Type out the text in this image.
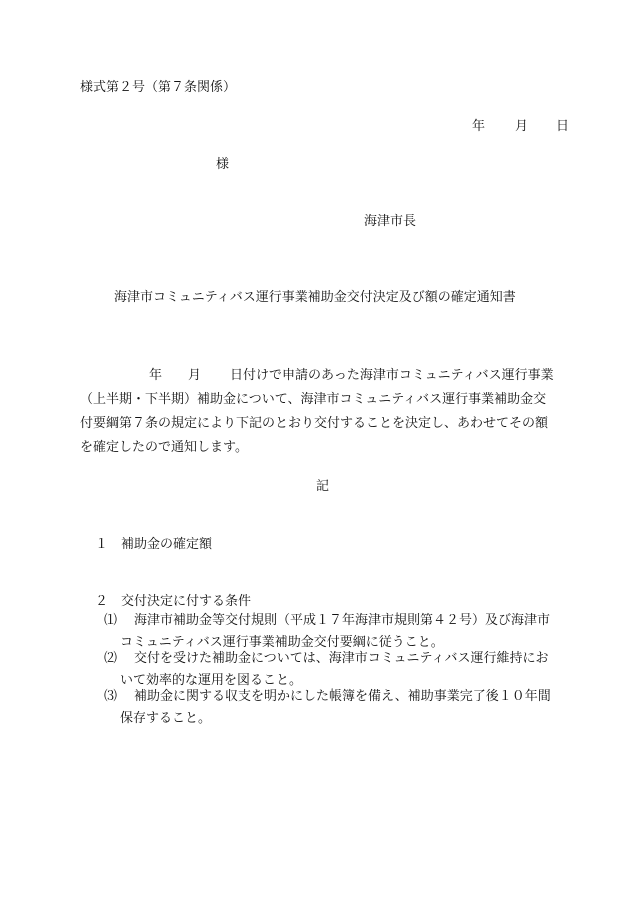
様式第２号（第７条関係）

年 月 日

様

海津市長

海津市コミュニティバス運行事業補助金交付決定及び額の確定通知書

年 月 日付けで申請のあった海津市コミュニティバス運行事業
（上半期・下半期）補助金について、海津市コミュニティバス運行事業補助金交
付要綱第７条の規定により下記のとおり交付することを決定し、あわせてその額
を確定したので通知します。

記

１ 補助金の確定額

２ 交付決定に付する条件

⑴ 海津市補助金等交付規則（平成１７年海津市規則第４２号）及び海津市
コミュニティバス運行事業補助金交付要綱に従うこと。
⑵ 交付を受けた補助金については、海津市コミュニティバス運行維持にお
いて効率的な運用を図ること。
⑶ 補助金に関する収支を明かにした帳簿を備え、補助事業完了後１０年間
保存すること。
